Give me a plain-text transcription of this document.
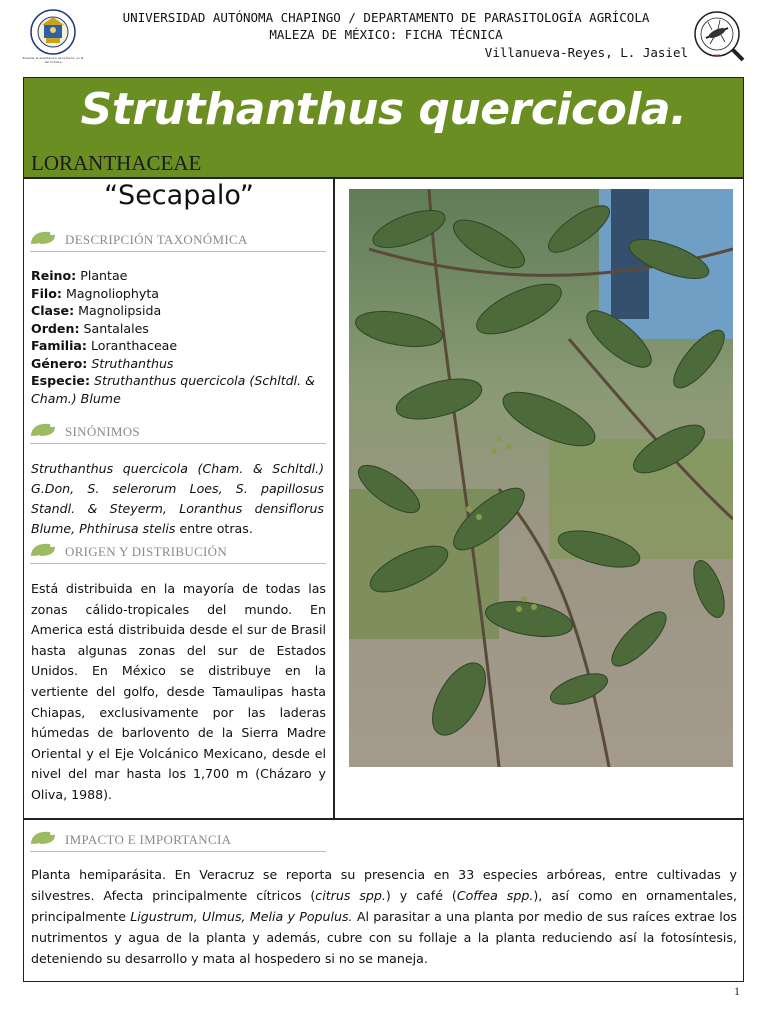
Enseñar la explotación de la tierra, no la del hombre
UNIVERSIDAD AUTÓNOMA CHAPINGO / DEPARTAMENTO DE PARASITOLOGÍA AGRÍCOLA
MALEZA DE MÉXICO: FICHA TÉCNICA
Villanueva-Reyes, L. Jasiel	•••
Struthanthus quercicola.
LORANTHACEAE
“Secapalo”
DESCRIPCIÓN TAXONÓMICA
Reino: Plantae
Filo: Magnoliophyta
Clase: Magnolipsida
Orden: Santalales
Familia: Loranthaceae
Género: Struthanthus
Especie: Struthanthus quercicola (Schltdl. &
Cham.) Blume
SINÓNIMOS
Struthanthus quercicola (Cham. & Schltdl.) G.Don, S. selerorum Loes, S. papillosus Standl. & Steyerm, Loranthus densiflorus Blume, Phthirusa stelis entre otras.
ORIGEN Y DISTRIBUCIÓN
Está distribuida en la mayoría de todas las zonas cálido-tropicales del mundo. En America está distribuida desde el sur de Brasil hasta algunas zonas del sur de Estados Unidos. En México se distribuye en la vertiente del golfo, desde Tamaulipas hasta Chiapas, exclusivamente por las laderas húmedas de barlovento de la Sierra Madre Oriental y el Eje Volcánico Mexicano, desde el nivel del mar hasta los 1,700 m (Cházaro y Oliva, 1988).
IMPACTO E IMPORTANCIA
Planta hemiparásita. En Veracruz se reporta su presencia en 33 especies arbóreas, entre cultivadas y silvestres. Afecta principalmente cítricos (citrus spp.) y café (Coffea spp.), así como en ornamentales, principalmente Ligustrum, Ulmus, Melia y Populus. Al parasitar a una planta por medio de sus raíces extrae los nutrimentos y agua de la planta y además, cubre con su follaje a la planta reduciendo así la fotosíntesis, deteniendo su desarrollo y mata al hospedero si no se maneja.
1
